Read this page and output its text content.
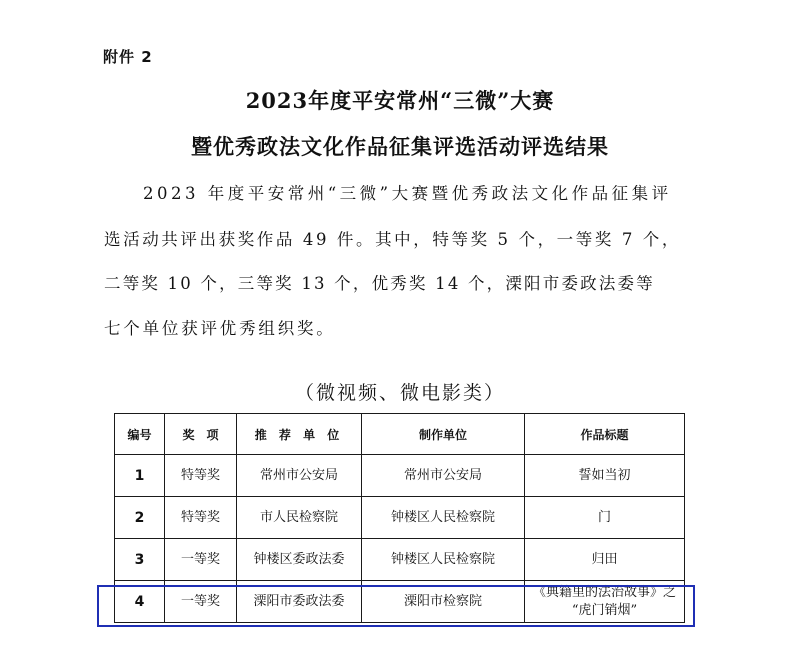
附件 2
2023年度平安常州“三微”大赛
暨优秀政法文化作品征集评选活动评选结果
2023 年度平安常州“三微”大赛暨优秀政法文化作品征集评
选活动共评出获奖作品 49 件。其中，特等奖 5 个，一等奖 7 个，
二等奖 10 个，三等奖 13 个，优秀奖 14 个，溧阳市委政法委等
七个单位获评优秀组织奖。
（微视频、微电影类）
编号	奖　项	推 荐 单 位	制作单位	作品标题
1	特等奖	常州市公安局	常州市公安局	誓如当初
2	特等奖	市人民检察院	钟楼区人民检察院	门
3	一等奖	钟楼区委政法委	钟楼区人民检察院	归田
4	一等奖	溧阳市委政法委	溧阳市检察院	《典籍里的法治故事》之
“虎门销烟”
